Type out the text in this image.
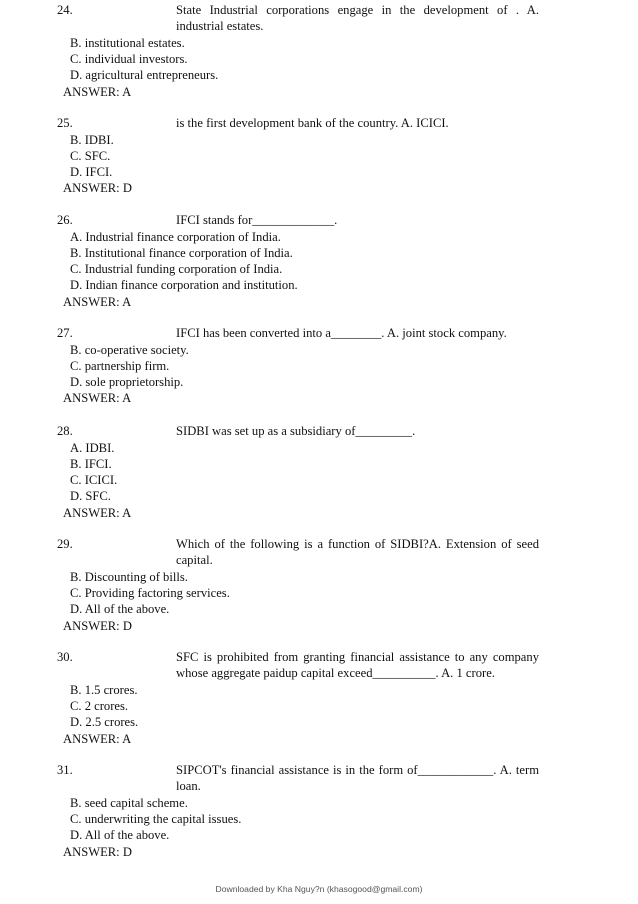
24.	State Industrial corporations engage in the development of . A. industrial estates.
B. institutional estates.
C. individual investors.
D. agricultural entrepreneurs.
ANSWER: A
25.	is the first development bank of the country. A. ICICI.
B. IDBI.
C. SFC.
D. IFCI.
ANSWER: D
26.	IFCI stands for_____________.
A. Industrial finance corporation of India.
B. Institutional finance corporation of India.
C. Industrial funding corporation of India.
D. Indian finance corporation and institution.
ANSWER: A
27.	IFCI has been converted into a________. A. joint stock company.
B. co-operative society.
C. partnership firm.
D. sole proprietorship.
ANSWER: A
28.	SIDBI was set up as a subsidiary of_________.
A. IDBI.
B. IFCI.
C. ICICI.
D. SFC.
ANSWER: A
29.	Which of the following is a function of SIDBI?A. Extension of seed capital.
B. Discounting of bills.
C. Providing factoring services.
D. All of the above.
ANSWER: D
30.	SFC is prohibited from granting financial assistance to any company whose aggregate paidup capital exceed__________. A. 1 crore.
B. 1.5 crores.
C. 2 crores.
D. 2.5 crores.
ANSWER: A
31.	SIPCOT's financial assistance is in the form of____________. A. term loan.
B. seed capital scheme.
C. underwriting the capital issues.
D. All of the above.
ANSWER: D
Downloaded by Kha Nguy?n (khasogood@gmail.com)
